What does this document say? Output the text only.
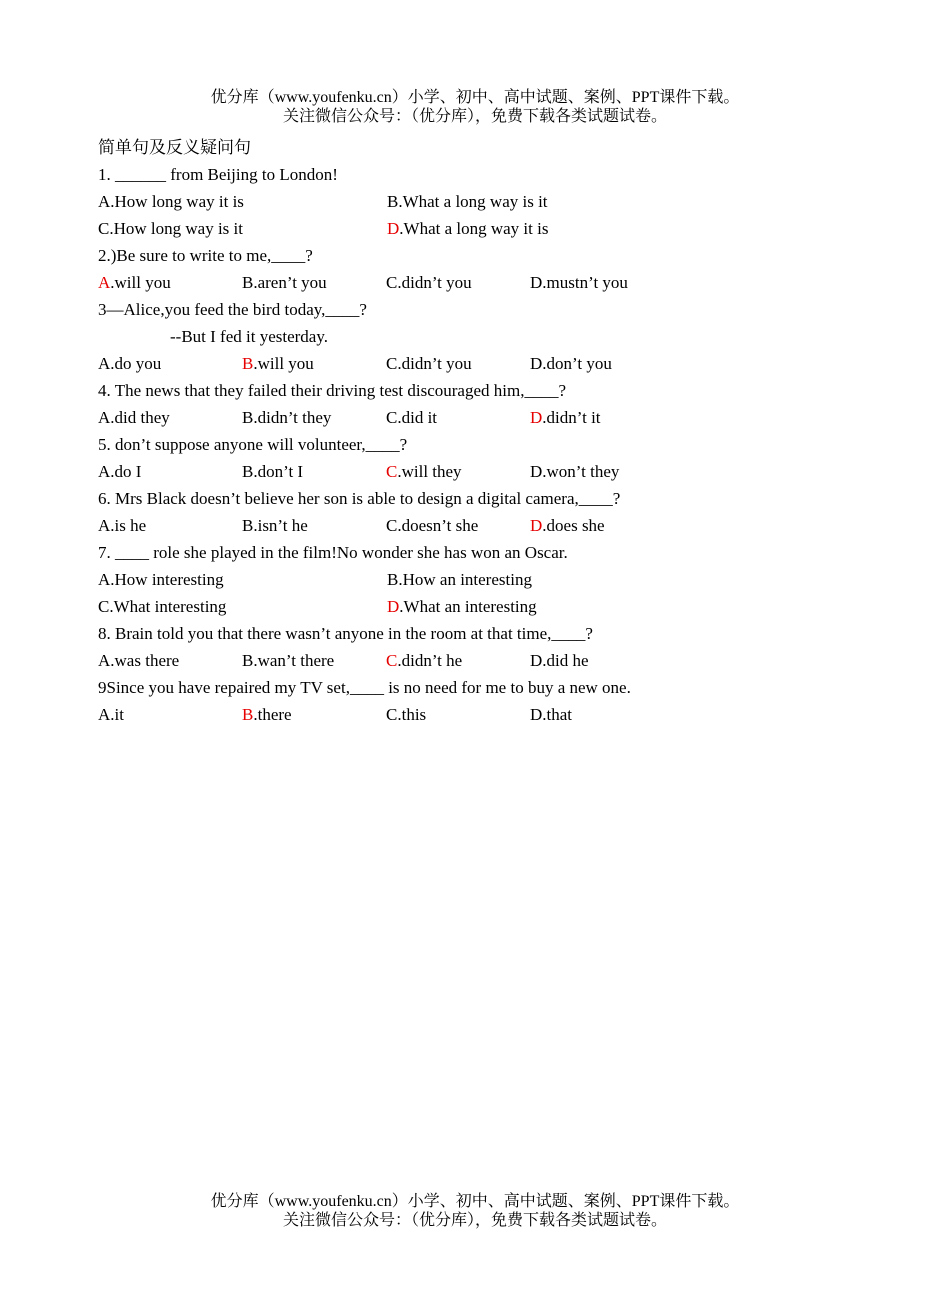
优分库（www.youfenku.cn）小学、初中、高中试题、案例、PPT课件下载。
关注微信公众号：（优分库），免费下载各类试题试卷。
简单句及反义疑问句
1. ______ from Beijing to London!
A.How long way it is	B.What a long way is it
C.How long way is it	D.What a long way it is
2.)Be sure to write to me,____?
A.will you	B.aren’t you	C.didn’t you	D.mustn’t you
3—Alice,you feed the bird today,____?
--But I fed it yesterday.
A.do you	B.will you	C.didn’t you	D.don’t you
4. The news that they failed their driving test discouraged him,____?
A.did they	B.didn’t they	C.did it	D.didn’t it
5. don’t suppose anyone will volunteer,____?
A.do I	B.don’t I	C.will they	D.won’t they
6. Mrs Black doesn’t believe her son is able to design a digital camera,____?
A.is he	B.isn’t he	C.doesn’t she	D.does she
7. ____ role she played in the film!No wonder she has won an Oscar.
A.How interesting	B.How an interesting
C.What interesting	D.What an interesting
8. Brain told you that there wasn’t anyone in the room at that time,____?
A.was there	B.wan’t there	C.didn’t he	D.did he
9Since you have repaired my TV set,____ is no need for me to buy a new one.
A.it	B.there	C.this	D.that
优分库（www.youfenku.cn）小学、初中、高中试题、案例、PPT课件下载。
关注微信公众号：（优分库），免费下载各类试题试卷。
